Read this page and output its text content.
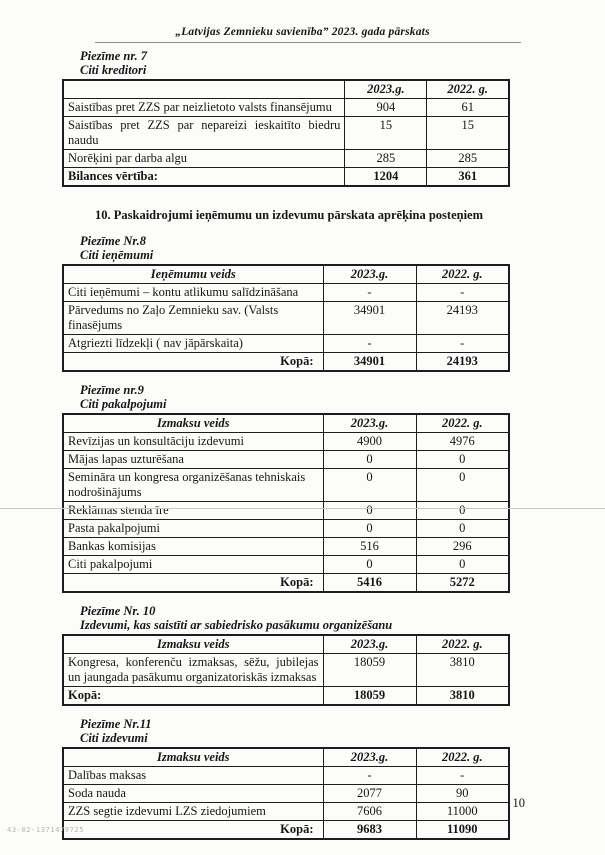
„Latvijas Zemnieku savienība” 2023. gada pārskats

Piezīme nr. 7
Citi kreditori
	2023.g.	2022. g.
Saistības pret ZZS par neizlietoto valsts finansējumu	904	61
Saistības pret ZZS par nepareizi ieskaitīto biedru naudu	15	15
Norēķini par darba algu	285	285
Bilances vērtība:	1204	361
10. Paskaidrojumi ieņēmumu un izdevumu pārskata aprēķina posteņiem
Piezīme Nr.8
Citi ieņēmumi
Ieņēmumu veids	2023.g.	2022. g.
Citi ieņēmumi – kontu atlikumu salīdzināšana	-	-
Pārvedums no Zaļo Zemnieku sav. (Valsts finasējums	34901	24193
Atgriezti līdzekļi ( nav jāpārskaita)	-	-
Kopā:	34901	24193
Piezīme nr.9
Citi pakalpojumi
Izmaksu veids	2023.g.	2022. g.
Revīzijas un konsultāciju izdevumi	4900	4976
Mājas lapas uzturēšana	0	0
Semināra un kongresa organizēšanas tehniskais nodrošinājums	0	0
Reklāmas stenda īre	0	0
Pasta pakalpojumi	0	0
Bankas komisijas	516	296
Citi pakalpojumi	0	0
Kopā:	5416	5272
Piezīme Nr. 10
Izdevumi, kas saistīti ar sabiedrisko pasākumu organizēšanu
Izmaksu veids	2023.g.	2022. g.
Kongresa, konferenču izmaksas, sēžu, jubilejas un jaungada pasākumu organizatoriskās izmaksas	18059	3810
Kopā:	18059	3810
Piezīme Nr.11
Citi izdevumi
Izmaksu veids	2023.g.	2022. g.
Dalības maksas	-	-
Soda nauda	2077	90
ZZS segtie izdevumi LZS ziedojumiem	7606	11000
Kopā:	9683	11090
10
43-02-1371479725
